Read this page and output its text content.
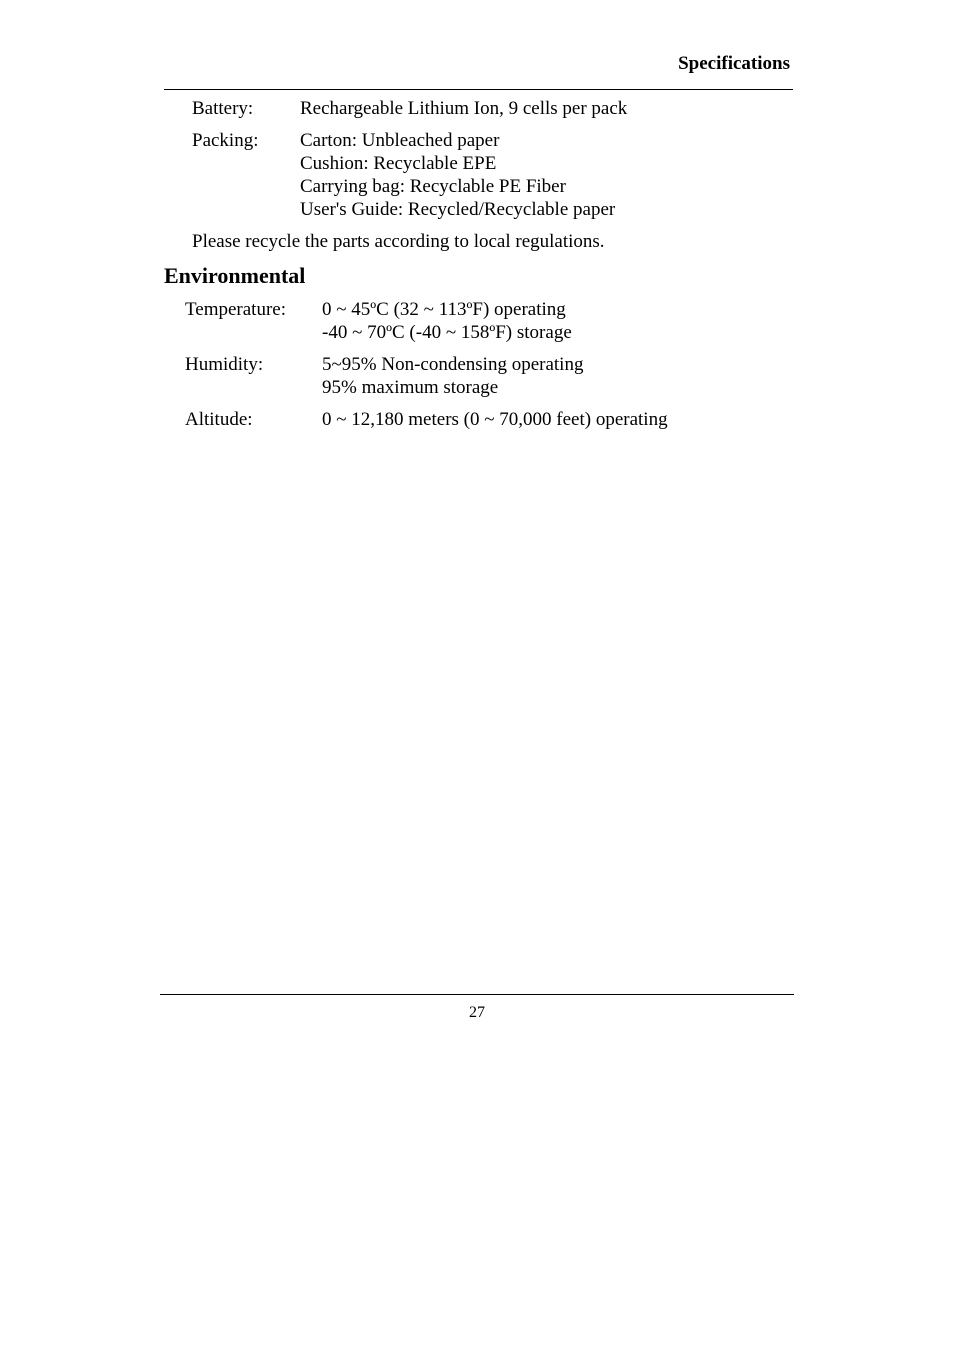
Specifications
Battery:	Rechargeable Lithium Ion, 9 cells per pack
Packing:	Carton: Unbleached paper
Cushion: Recyclable EPE
Carrying bag: Recyclable PE Fiber
User's Guide: Recycled/Recyclable paper
Please recycle the parts according to local regulations.
Environmental
Temperature:	0 ~ 45ºC (32 ~ 113ºF) operating
-40 ~ 70ºC (-40 ~ 158ºF) storage
Humidity:	5~95% Non-condensing operating
95% maximum storage
Altitude:	0 ~ 12,180 meters (0 ~ 70,000 feet) operating
27
